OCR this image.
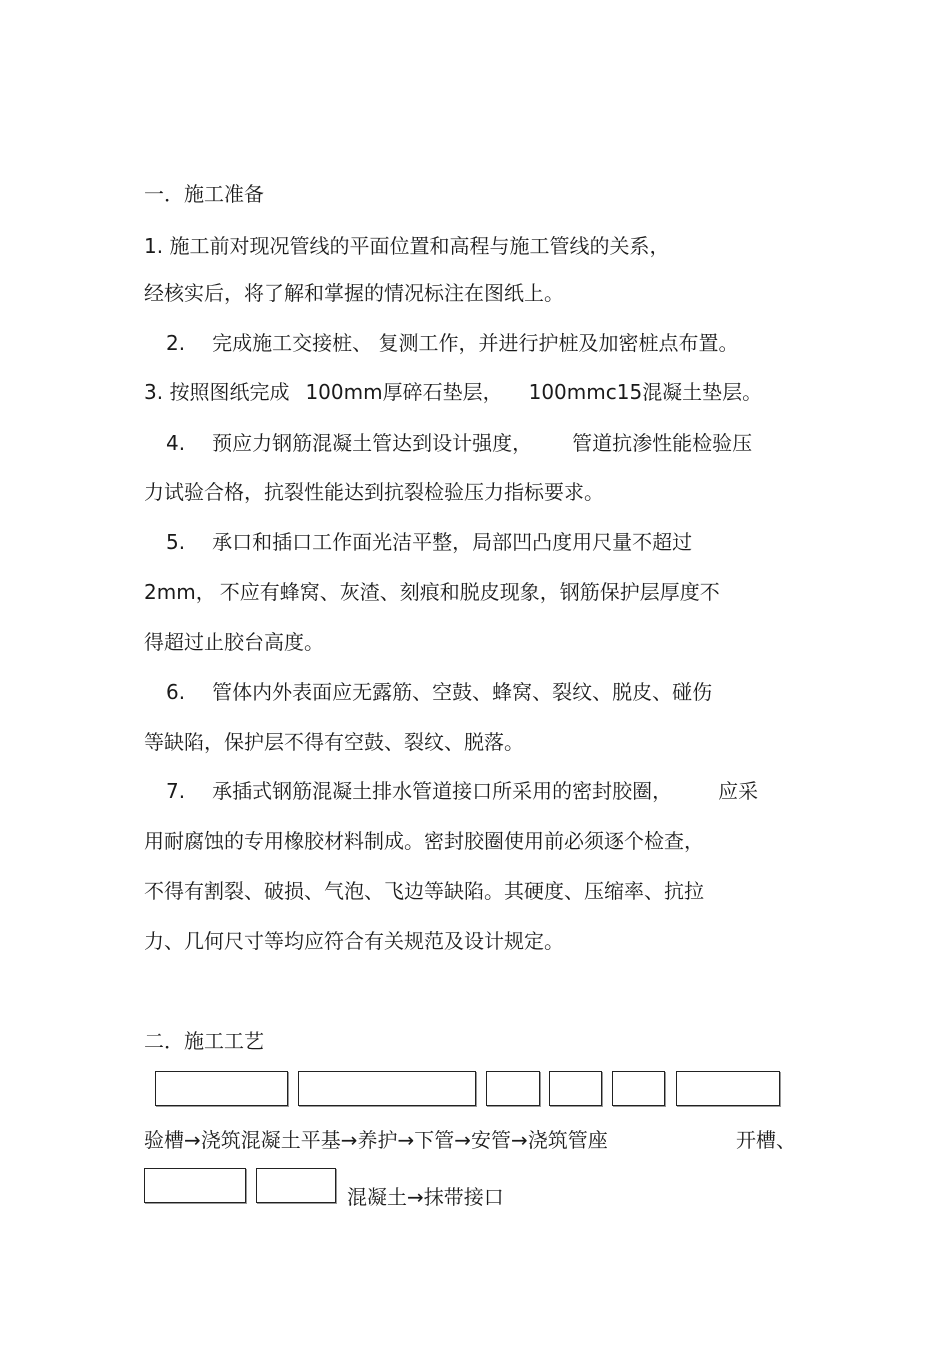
一．施工准备
1. 施工前对现况管线的平面位置和高程与施工管线的关系，
经核实后，将了解和掌握的情况标注在图纸上。
2. 完成施工交接桩、 复测工作，并进行护桩及加密桩点布置。
3. 按照图纸完成 100mm厚碎石垫层， 100mmc15混凝土垫层。
4. 预应力钢筋混凝土管达到设计强度， 管道抗渗性能检验压
力试验合格，抗裂性能达到抗裂检验压力指标要求。
5. 承口和插口工作面光洁平整，局部凹凸度用尺量不超过
2mm， 不应有蜂窝、灰渣、刻痕和脱皮现象，钢筋保护层厚度不
得超过止胶台高度。
6. 管体内外表面应无露筋、空鼓、蜂窝、裂纹、脱皮、碰伤
等缺陷，保护层不得有空鼓、裂纹、脱落。
7. 承插式钢筋混凝土排水管道接口所采用的密封胶圈， 应采
用耐腐蚀的专用橡胶材料制成。密封胶圈使用前必须逐个检查，
不得有割裂、破损、气泡、飞边等缺陷。其硬度、压缩率、抗拉
力、几何尺寸等均应符合有关规范及设计规定。
二．施工工艺
验槽→浇筑混凝土平基→养护→下管→安管→浇筑管座	开槽、
混凝土→抹带接口
